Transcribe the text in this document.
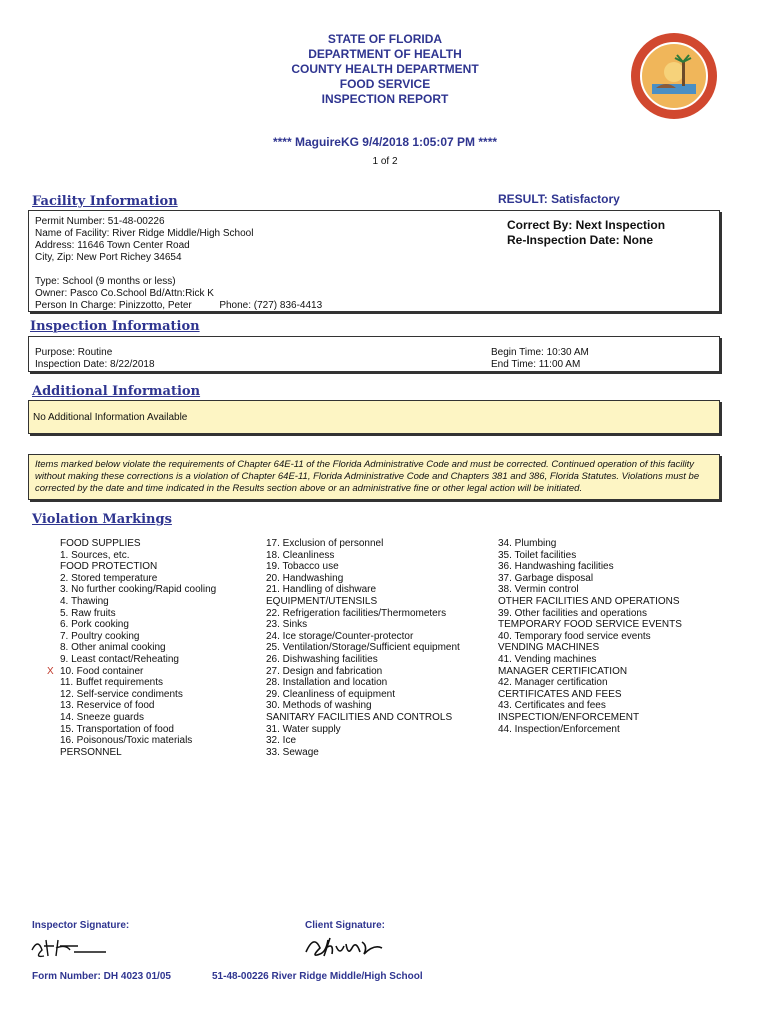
STATE OF FLORIDA
DEPARTMENT OF HEALTH
COUNTY HEALTH DEPARTMENT
FOOD SERVICE
INSPECTION REPORT
**** MaguireKG 9/4/2018 1:05:07 PM ****
1 of 2
Facility Information	RESULT: Satisfactory
Permit Number: 51-48-00226
Name of Facility: River Ridge Middle/High School
Address: 11646 Town Center Road
City, Zip: New Port Richey 34654
Type: School (9 months or less)
Owner: Pasco Co.School Bd/Attn:Rick K
Person In Charge: Pinizzotto, Peter	Phone: (727) 836-4413
Correct By: Next Inspection
Re-Inspection Date: None
Inspection Information
Purpose: Routine
Inspection Date: 8/22/2018
Begin Time: 10:30 AM
End Time: 11:00 AM
Additional Information
No Additional Information Available
Items marked below violate the requirements of Chapter 64E-11 of the Florida Administrative Code and must be corrected. Continued operation of this facility without making these corrections is a violation of Chapter 64E-11, Florida Administrative Code and Chapters 381 and 386, Florida Statutes. Violations must be corrected by the date and time indicated in the Results section above or an administrative fine or other legal action will be initiated.
Violation Markings
FOOD SUPPLIES
1. Sources, etc.
FOOD PROTECTION
2. Stored temperature
3. No further cooking/Rapid cooling
4. Thawing
5. Raw fruits
6. Pork cooking
7. Poultry cooking
8. Other animal cooking
9. Least contact/Reheating
X 10. Food container
11. Buffet requirements
12. Self-service condiments
13. Reservice of food
14. Sneeze guards
15. Transportation of food
16. Poisonous/Toxic materials
PERSONNEL
17. Exclusion of personnel
18. Cleanliness
19. Tobacco use
20. Handwashing
21. Handling of dishware
EQUIPMENT/UTENSILS
22. Refrigeration facilities/Thermometers
23. Sinks
24. Ice storage/Counter-protector
25. Ventilation/Storage/Sufficient equipment
26. Dishwashing facilities
27. Design and fabrication
28. Installation and location
29. Cleanliness of equipment
30. Methods of washing
SANITARY FACILITIES AND CONTROLS
31. Water supply
32. Ice
33. Sewage
34. Plumbing
35. Toilet facilities
36. Handwashing facilities
37. Garbage disposal
38. Vermin control
OTHER FACILITIES AND OPERATIONS
39. Other facilities and operations
TEMPORARY FOOD SERVICE EVENTS
40. Temporary food service events
VENDING MACHINES
41. Vending machines
MANAGER CERTIFICATION
42. Manager certification
CERTIFICATES AND FEES
43. Certificates and fees
INSPECTION/ENFORCEMENT
44. Inspection/Enforcement
Inspector Signature:	Client Signature:
Form Number: DH 4023 01/05	51-48-00226 River Ridge Middle/High School
